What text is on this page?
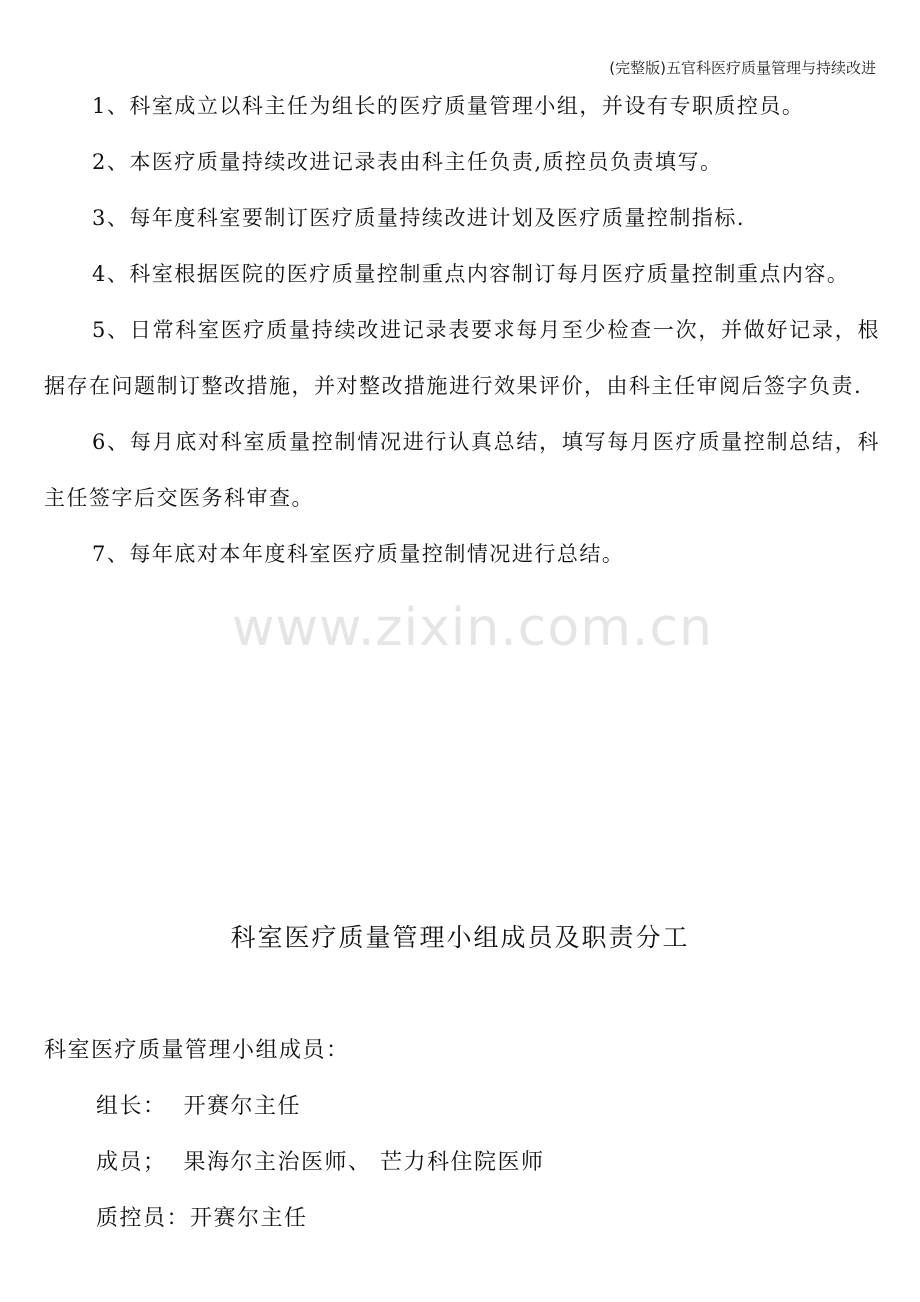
(完整版)五官科医疗质量管理与持续改进

1、科室成立以科主任为组长的医疗质量管理小组，并设有专职质控员。

2、本医疗质量持续改进记录表由科主任负责,质控员负责填写。

3、每年度科室要制订医疗质量持续改进计划及医疗质量控制指标.

4、科室根据医院的医疗质量控制重点内容制订每月医疗质量控制重点内容。

5、日常科室医疗质量持续改进记录表要求每月至少检查一次，并做好记录，根据存在问题制订整改措施，并对整改措施进行效果评价，由科主任审阅后签字负责.

6、每月底对科室质量控制情况进行认真总结，填写每月医疗质量控制总结，科主任签字后交医务科审查。

7、每年底对本年度科室医疗质量控制情况进行总结。

www.zixin.com.cn
科室医疗质量管理小组成员及职责分工
科室医疗质量管理小组成员：
组长：  开赛尔主任
成员；  果海尔主治医师、 芒力科住院医师
质控员：开赛尔主任
